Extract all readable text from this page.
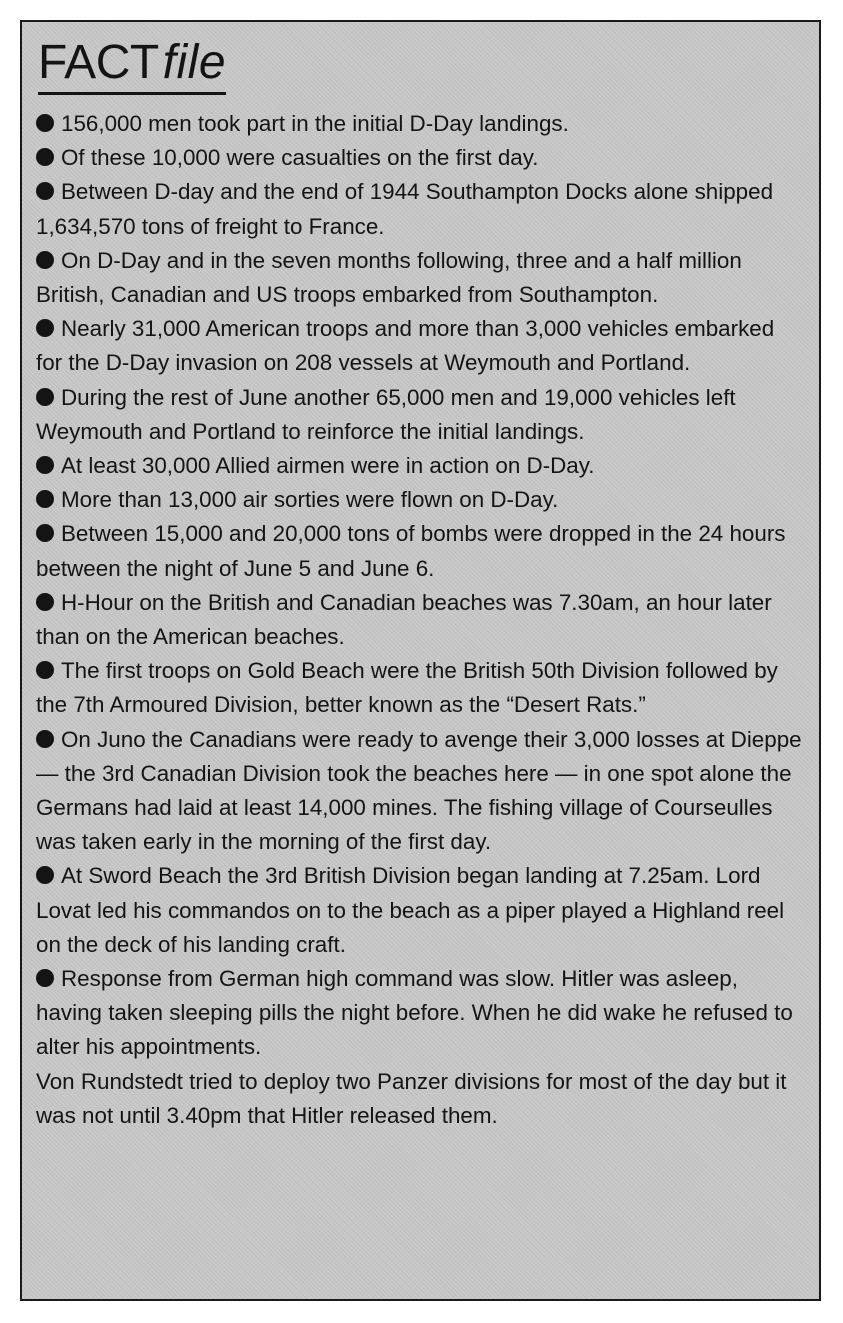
FACTfile
156,000 men took part in the initial D-Day landings.
Of these 10,000 were casualties on the first day.
Between D-day and the end of 1944 Southampton Docks alone shipped 1,634,570 tons of freight to France.
On D-Day and in the seven months following, three and a half million British, Canadian and US troops embarked from Southampton.
Nearly 31,000 American troops and more than 3,000 vehicles embarked for the D-Day invasion on 208 vessels at Weymouth and Portland.
During the rest of June another 65,000 men and 19,000 vehicles left Weymouth and Portland to reinforce the initial landings.
At least 30,000 Allied airmen were in action on D-Day.
More than 13,000 air sorties were flown on D-Day.
Between 15,000 and 20,000 tons of bombs were dropped in the 24 hours between the night of June 5 and June 6.
H-Hour on the British and Canadian beaches was 7.30am, an hour later than on the American beaches.
The first troops on Gold Beach were the British 50th Division followed by the 7th Armoured Division, better known as the “Desert Rats.”
On Juno the Canadians were ready to avenge their 3,000 losses at Dieppe — the 3rd Canadian Division took the beaches here — in one spot alone the Germans had laid at least 14,000 mines. The fishing village of Courseulles was taken early in the morning of the first day.
At Sword Beach the 3rd British Division began landing at 7.25am. Lord Lovat led his commandos on to the beach as a piper played a Highland reel on the deck of his landing craft.
Response from German high command was slow. Hitler was asleep, having taken sleeping pills the night before. When he did wake he refused to alter his appointments.

Von Rundstedt tried to deploy two Panzer divisions for most of the day but it was not until 3.40pm that Hitler released them.
